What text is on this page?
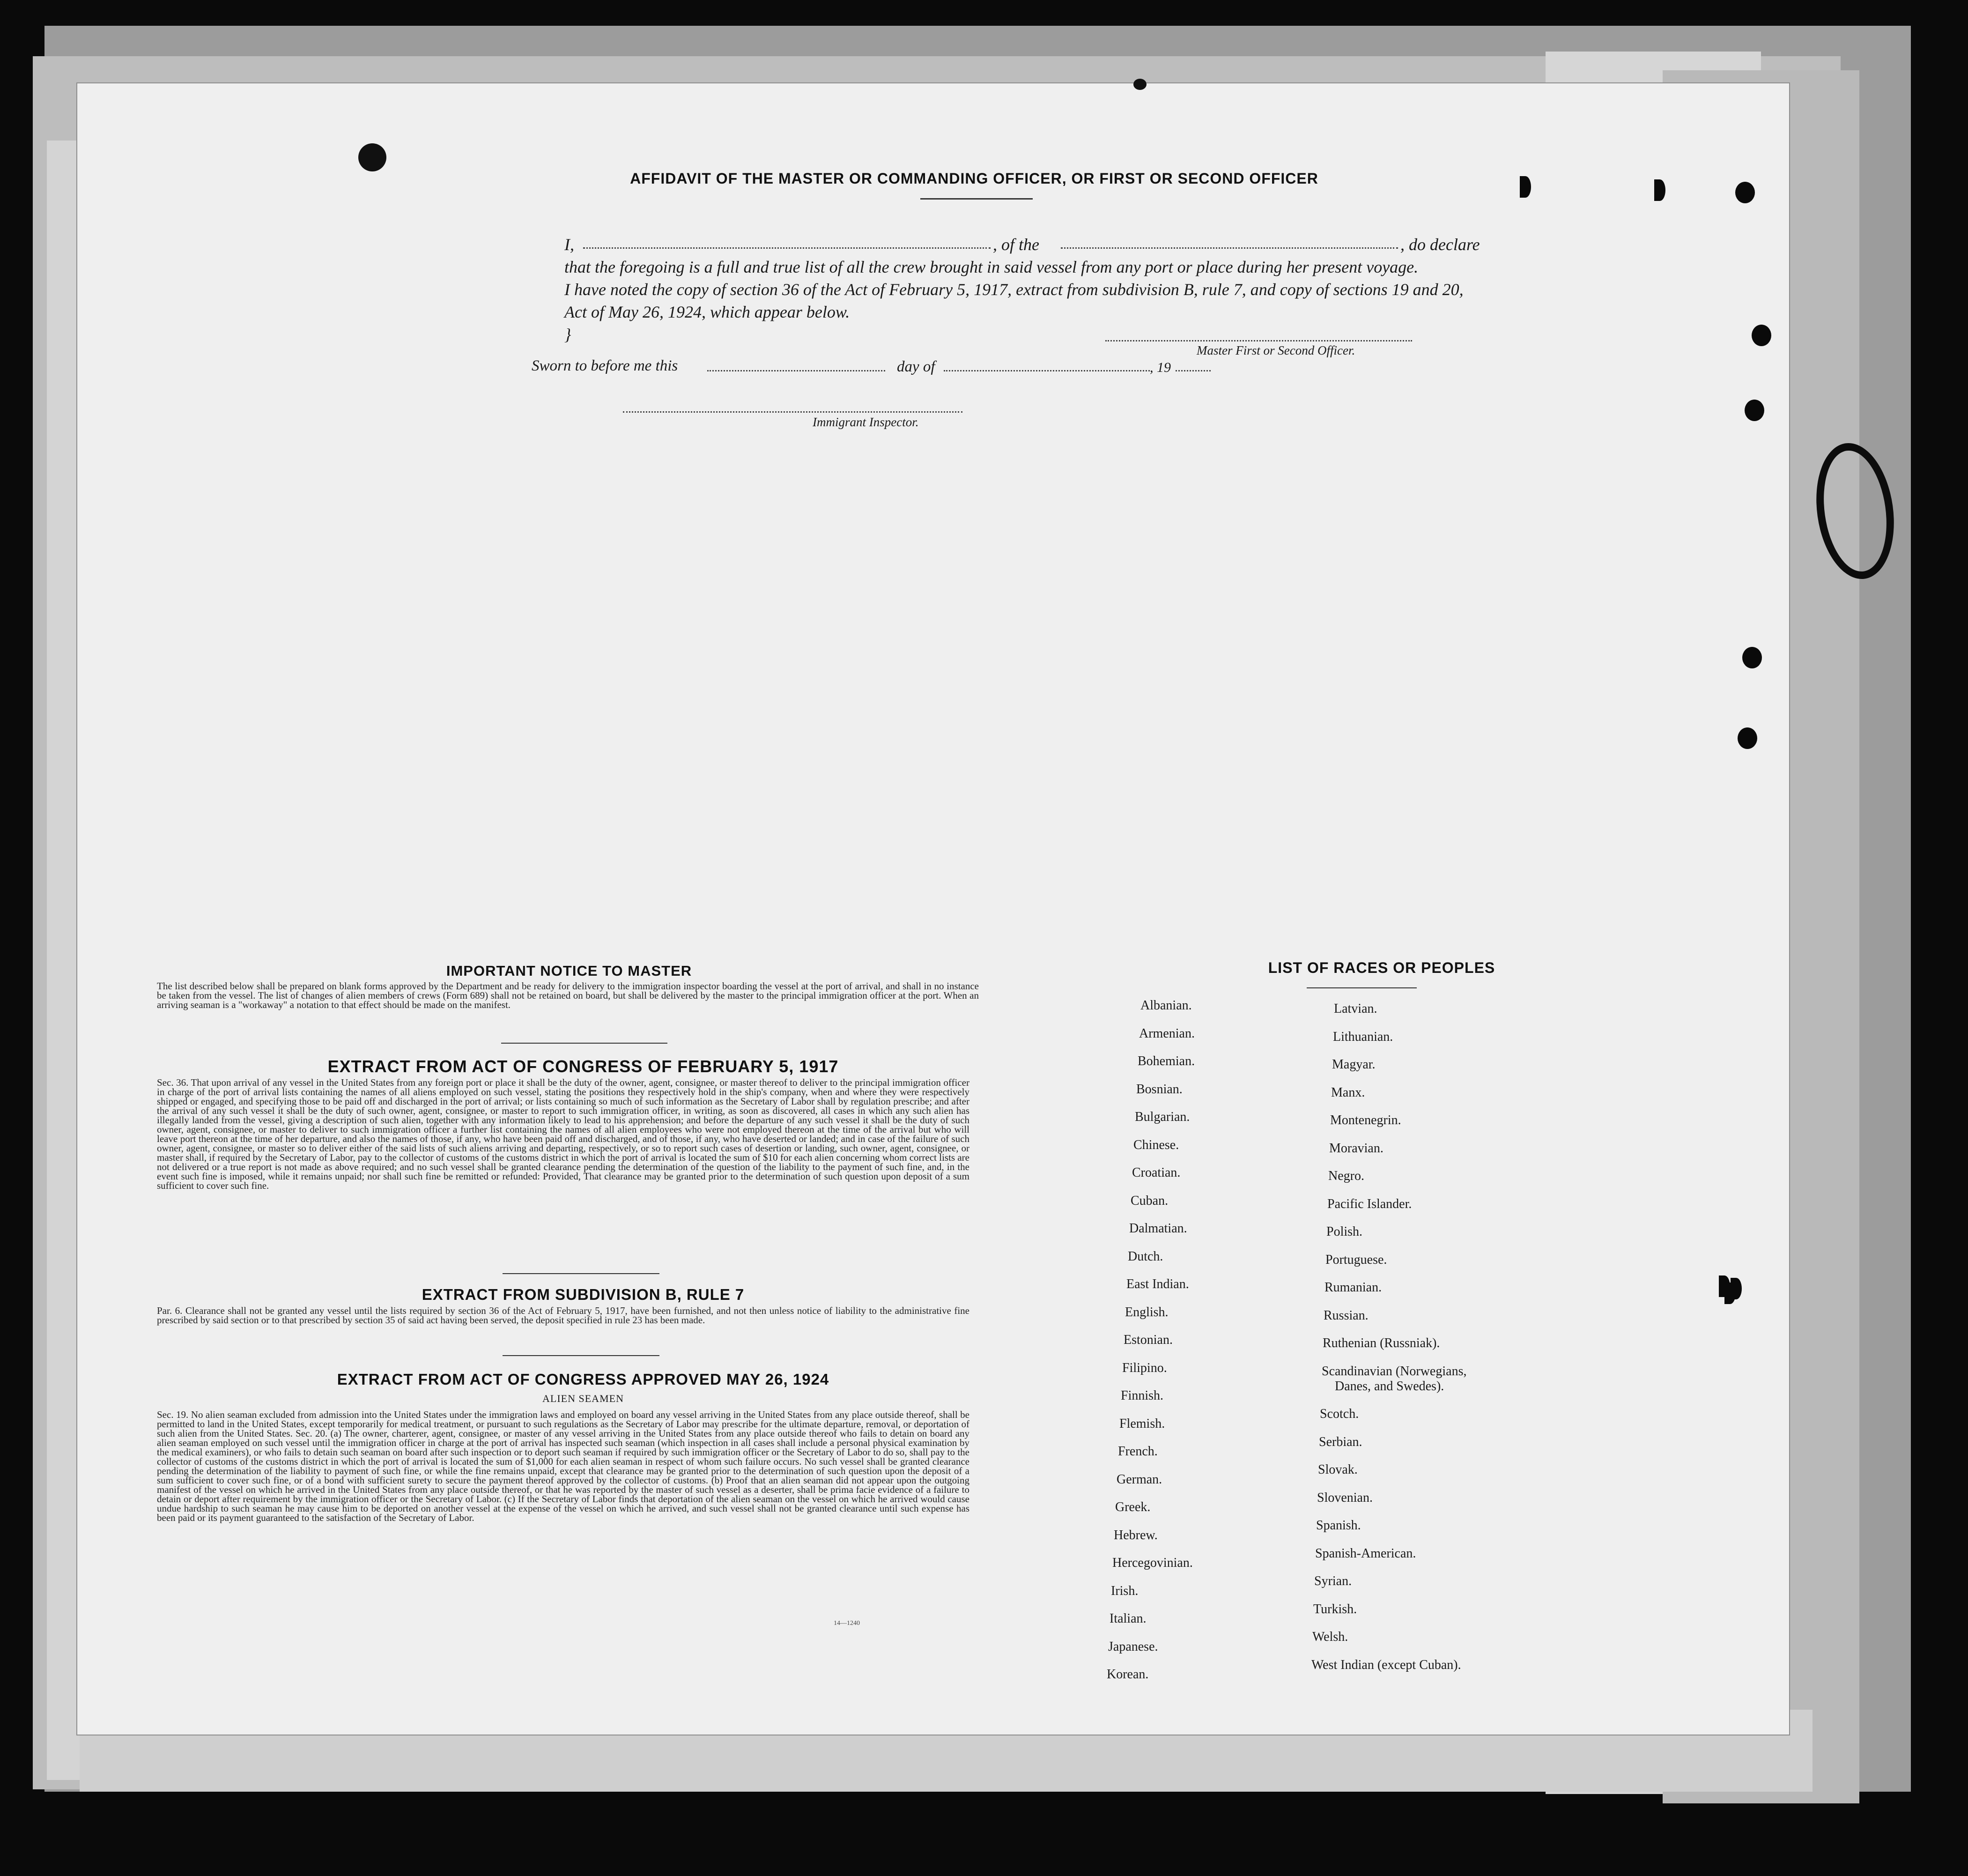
AFFIDAVIT OF THE MASTER OR COMMANDING OFFICER, OR FIRST OR SECOND OFFICER
I,	, of the	, do declare
that the foregoing is a full and true list of all the crew brought in said vessel from any port or place during her present voyage.
I have noted the copy of section 36 of the Act of February 5, 1917, extract from subdivision B, rule 7, and copy of sections 19 and 20,
Act of May 26, 1924, which appear below.
}
Master First or Second Officer.
Sworn to before me this	day of	, 19
Immigrant Inspector.
IMPORTANT NOTICE TO MASTER
The list described below shall be prepared on blank forms approved by the Department and be ready for delivery to the immigration inspector boarding the vessel at the port of arrival, and shall in no instance be taken from the vessel. The list of changes of alien members of crews (Form 689) shall not be retained on board, but shall be delivered by the master to the principal immigration officer at the port. When an arriving seaman is a "workaway" a notation to that effect should be made on the manifest.
EXTRACT FROM ACT OF CONGRESS OF FEBRUARY 5, 1917
Sec. 36. That upon arrival of any vessel in the United States from any foreign port or place it shall be the duty of the owner, agent, consignee, or master thereof to deliver to the principal immigration officer in charge of the port of arrival lists containing the names of all aliens employed on such vessel, stating the positions they respectively hold in the ship's company, when and where they were respectively shipped or engaged, and specifying those to be paid off and discharged in the port of arrival; or lists containing so much of such information as the Secretary of Labor shall by regulation prescribe; and after the arrival of any such vessel it shall be the duty of such owner, agent, consignee, or master to report to such immigration officer, in writing, as soon as discovered, all cases in which any such alien has illegally landed from the vessel, giving a description of such alien, together with any information likely to lead to his apprehension; and before the departure of any such vessel it shall be the duty of such owner, agent, consignee, or master to deliver to such immigration officer a further list containing the names of all alien employees who were not employed thereon at the time of the arrival but who will leave port thereon at the time of her departure, and also the names of those, if any, who have been paid off and discharged, and of those, if any, who have deserted or landed; and in case of the failure of such owner, agent, consignee, or master so to deliver either of the said lists of such aliens arriving and departing, respectively, or so to report such cases of desertion or landing, such owner, agent, consignee, or master shall, if required by the Secretary of Labor, pay to the collector of customs of the customs district in which the port of arrival is located the sum of $10 for each alien concerning whom correct lists are not delivered or a true report is not made as above required; and no such vessel shall be granted clearance pending the determination of the question of the liability to the payment of such fine, and, in the event such fine is imposed, while it remains unpaid; nor shall such fine be remitted or refunded: Provided, That clearance may be granted prior to the determination of such question upon deposit of a sum sufficient to cover such fine.
EXTRACT FROM SUBDIVISION B, RULE 7
Par. 6. Clearance shall not be granted any vessel until the lists required by section 36 of the Act of February 5, 1917, have been furnished, and not then unless notice of liability to the administrative fine prescribed by said section or to that prescribed by section 35 of said act having been served, the deposit specified in rule 23 has been made.
EXTRACT FROM ACT OF CONGRESS APPROVED MAY 26, 1924
ALIEN SEAMEN
Sec. 19. No alien seaman excluded from admission into the United States under the immigration laws and employed on board any vessel arriving in the United States from any place outside thereof, shall be permitted to land in the United States, except temporarily for medical treatment, or pursuant to such regulations as the Secretary of Labor may prescribe for the ultimate departure, removal, or deportation of such alien from the United States. Sec. 20. (a) The owner, charterer, agent, consignee, or master of any vessel arriving in the United States from any place outside thereof who fails to detain on board any alien seaman employed on such vessel until the immigration officer in charge at the port of arrival has inspected such seaman (which inspection in all cases shall include a personal physical examination by the medical examiners), or who fails to detain such seaman on board after such inspection or to deport such seaman if required by such immigration officer or the Secretary of Labor to do so, shall pay to the collector of customs of the customs district in which the port of arrival is located the sum of $1,000 for each alien seaman in respect of whom such failure occurs. No such vessel shall be granted clearance pending the determination of the liability to payment of such fine, or while the fine remains unpaid, except that clearance may be granted prior to the determination of such question upon the deposit of a sum sufficient to cover such fine, or of a bond with sufficient surety to secure the payment thereof approved by the collector of customs. (b) Proof that an alien seaman did not appear upon the outgoing manifest of the vessel on which he arrived in the United States from any place outside thereof, or that he was reported by the master of such vessel as a deserter, shall be prima facie evidence of a failure to detain or deport after requirement by the immigration officer or the Secretary of Labor. (c) If the Secretary of Labor finds that deportation of the alien seaman on the vessel on which he arrived would cause undue hardship to such seaman he may cause him to be deported on another vessel at the expense of the vessel on which he arrived, and such vessel shall not be granted clearance until such expense has been paid or its payment guaranteed to the satisfaction of the Secretary of Labor.
14—1240
LIST OF RACES OR PEOPLES
Albanian.
Armenian.
Bohemian.
Bosnian.
Bulgarian.
Chinese.
Croatian.
Cuban.
Dalmatian.
Dutch.
East Indian.
English.
Estonian.
Filipino.
Finnish.
Flemish.
French.
German.
Greek.
Hebrew.
Hercegovinian.
Irish.
Italian.
Japanese.
Korean.
Latvian.
Lithuanian.
Magyar.
Manx.
Montenegrin.
Moravian.
Negro.
Pacific Islander.
Polish.
Portuguese.
Rumanian.
Russian.
Ruthenian (Russniak).
Scandinavian (Norwegians,
Danes, and Swedes).
Scotch.
Serbian.
Slovak.
Slovenian.
Spanish.
Spanish-American.
Syrian.
Turkish.
Welsh.
West Indian (except Cuban).
